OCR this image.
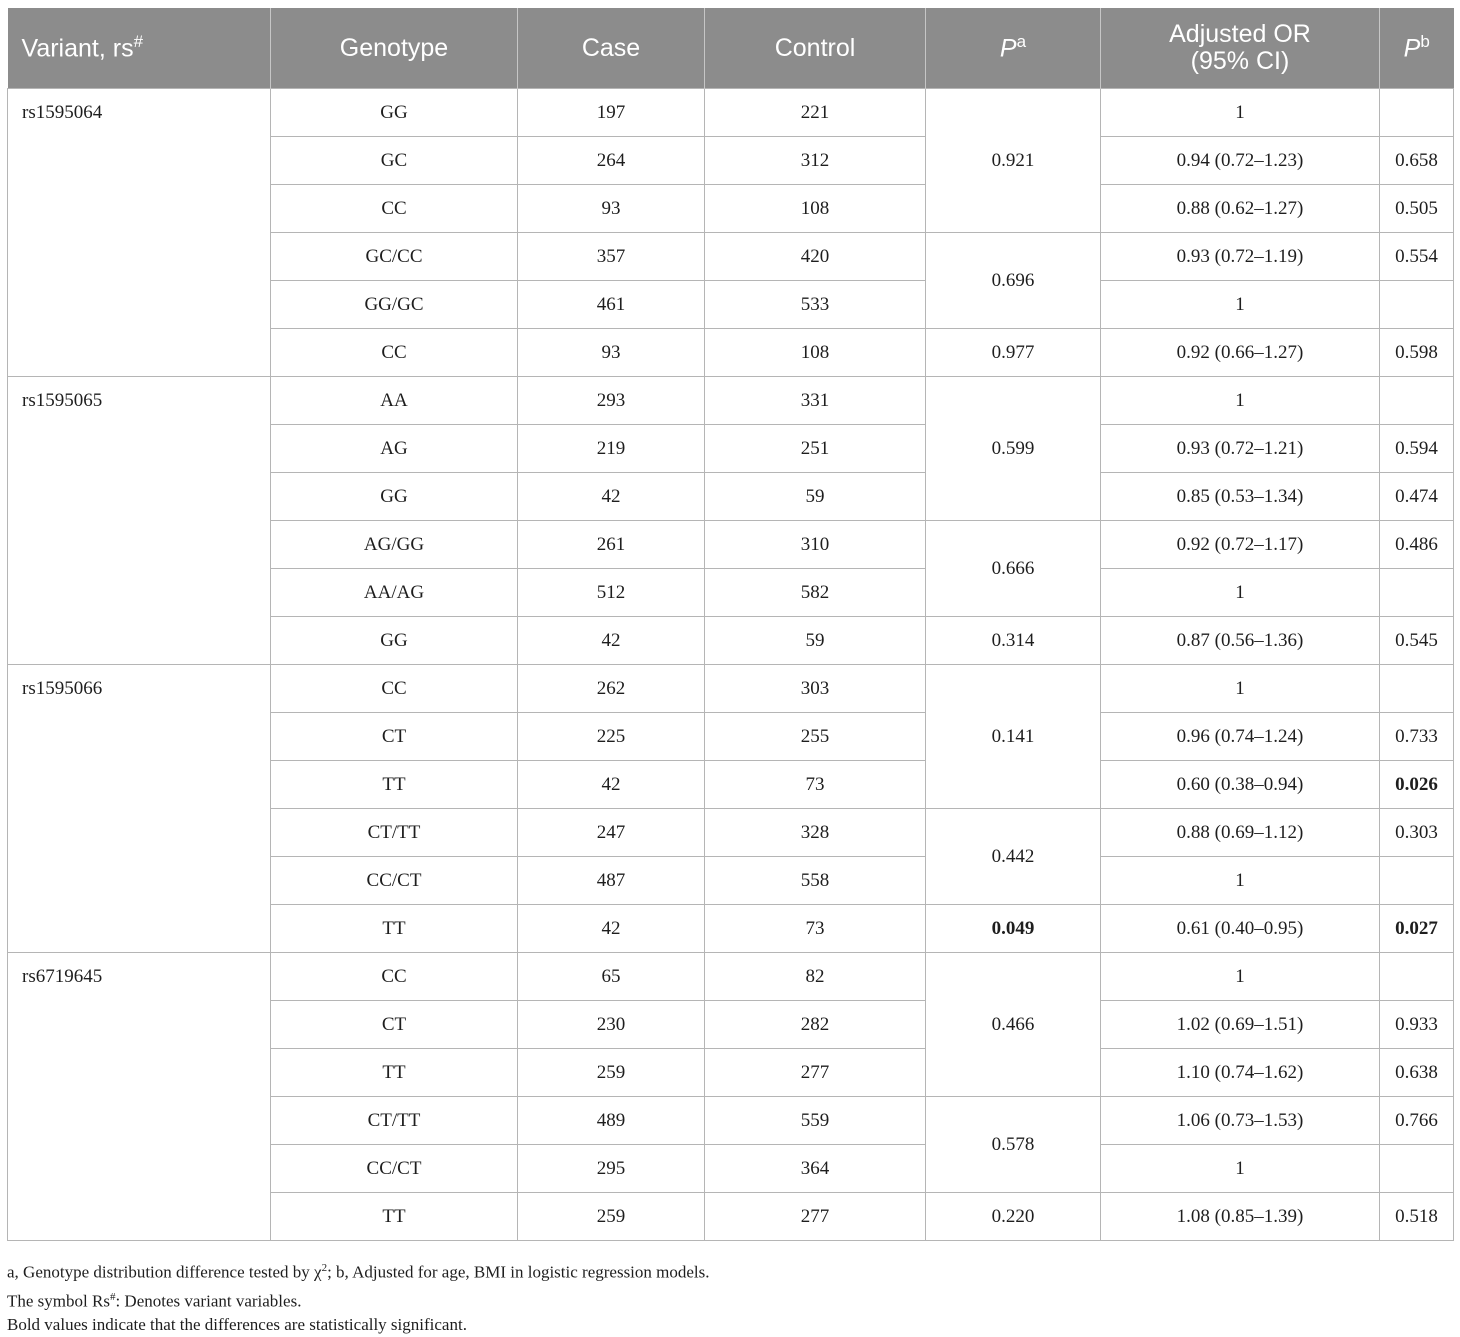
Variant, rs#	Genotype	Case	Control	$P^a$	Adjusted OR
(95% CI)	$P^b$
rs1595064	GG	197	221	0.921	1	
	GC	264	312		0.94 (0.72–1.23)	0.658
	CC	93	108		0.88 (0.62–1.27)	0.505
	GC/CC	357	420	0.696	0.93 (0.72–1.19)	0.554
	GG/GC	461	533		1	
	CC	93	108	0.977	0.92 (0.66–1.27)	0.598
rs1595065	AA	293	331	0.599	1	
	AG	219	251		0.93 (0.72–1.21)	0.594
	GG	42	59		0.85 (0.53–1.34)	0.474
	AG/GG	261	310	0.666	0.92 (0.72–1.17)	0.486
	AA/AG	512	582		1	
	GG	42	59	0.314	0.87 (0.56–1.36)	0.545
rs1595066	CC	262	303	0.141	1	
	CT	225	255		0.96 (0.74–1.24)	0.733
	TT	42	73		0.60 (0.38–0.94)	0.026
	CT/TT	247	328	0.442	0.88 (0.69–1.12)	0.303
	CC/CT	487	558		1	
	TT	42	73	0.049	0.61 (0.40–0.95)	0.027
rs6719645	CC	65	82	0.466	1	
	CT	230	282		1.02 (0.69–1.51)	0.933
	TT	259	277		1.10 (0.74–1.62)	0.638
	CT/TT	489	559	0.578	1.06 (0.73–1.53)	0.766
	CC/CT	295	364		1	
	TT	259	277	0.220	1.08 (0.85–1.39)	0.518
a, Genotype distribution difference tested by $\chi^2$; b, Adjusted for age, BMI in logistic regression models.
The symbol Rs#: Denotes variant variables.
Bold values indicate that the differences are statistically significant.
